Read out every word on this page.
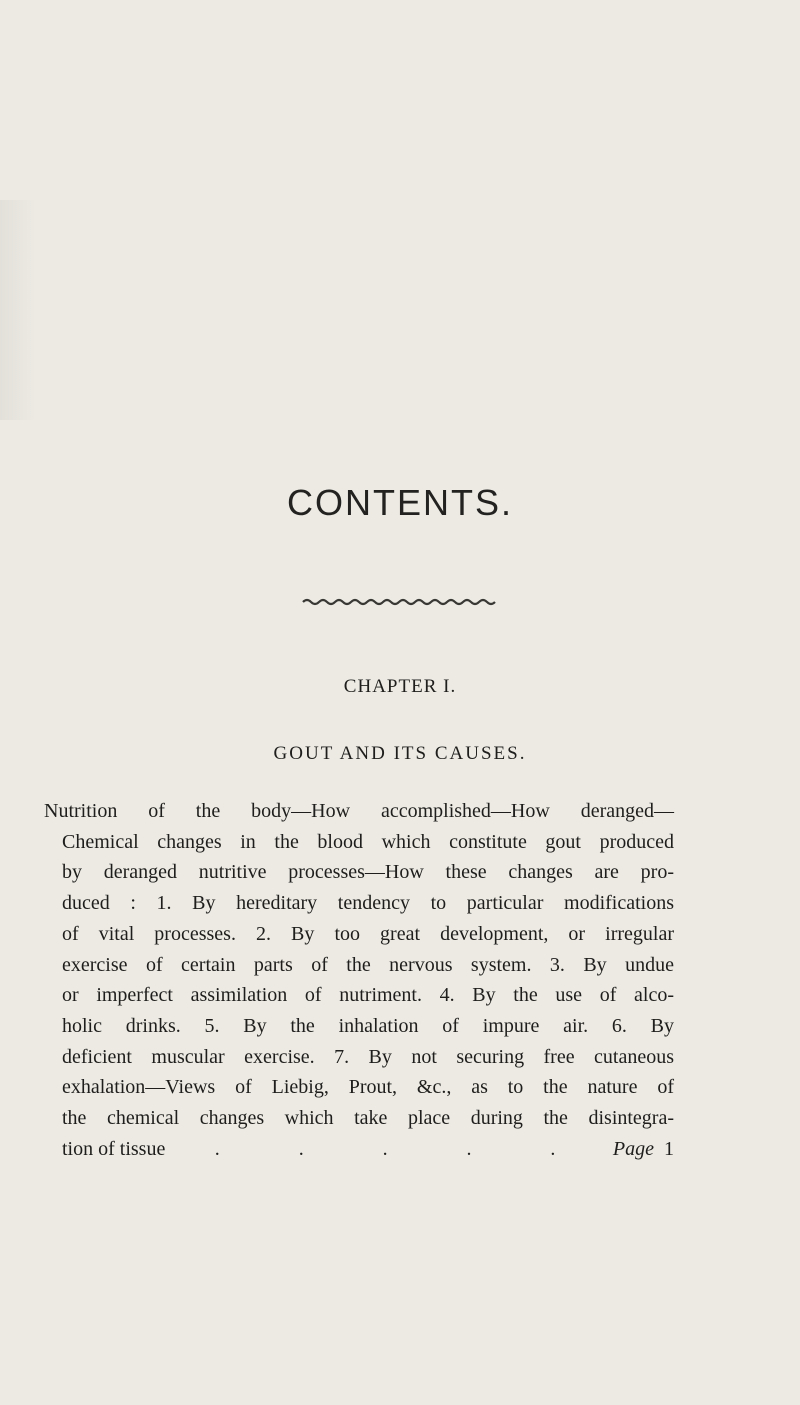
CONTENTS.
CHAPTER I.
GOUT AND ITS CAUSES.
Nutrition of the body—How accomplished—How deranged—
Chemical changes in the blood which constitute gout produced
by deranged nutritive processes—How these changes are pro-
duced : 1. By hereditary tendency to particular modifications
of vital processes. 2. By too great development, or irregular
exercise of certain parts of the nervous system. 3. By undue
or imperfect assimilation of nutriment. 4. By the use of alco-
holic drinks. 5. By the inhalation of impure air. 6. By
deficient muscular exercise. 7. By not securing free cutaneous
exhalation—Views of Liebig, Prout, &c., as to the nature of
the chemical changes which take place during the disintegra-
tion of tissue .	.	.	.	.	Page 1
